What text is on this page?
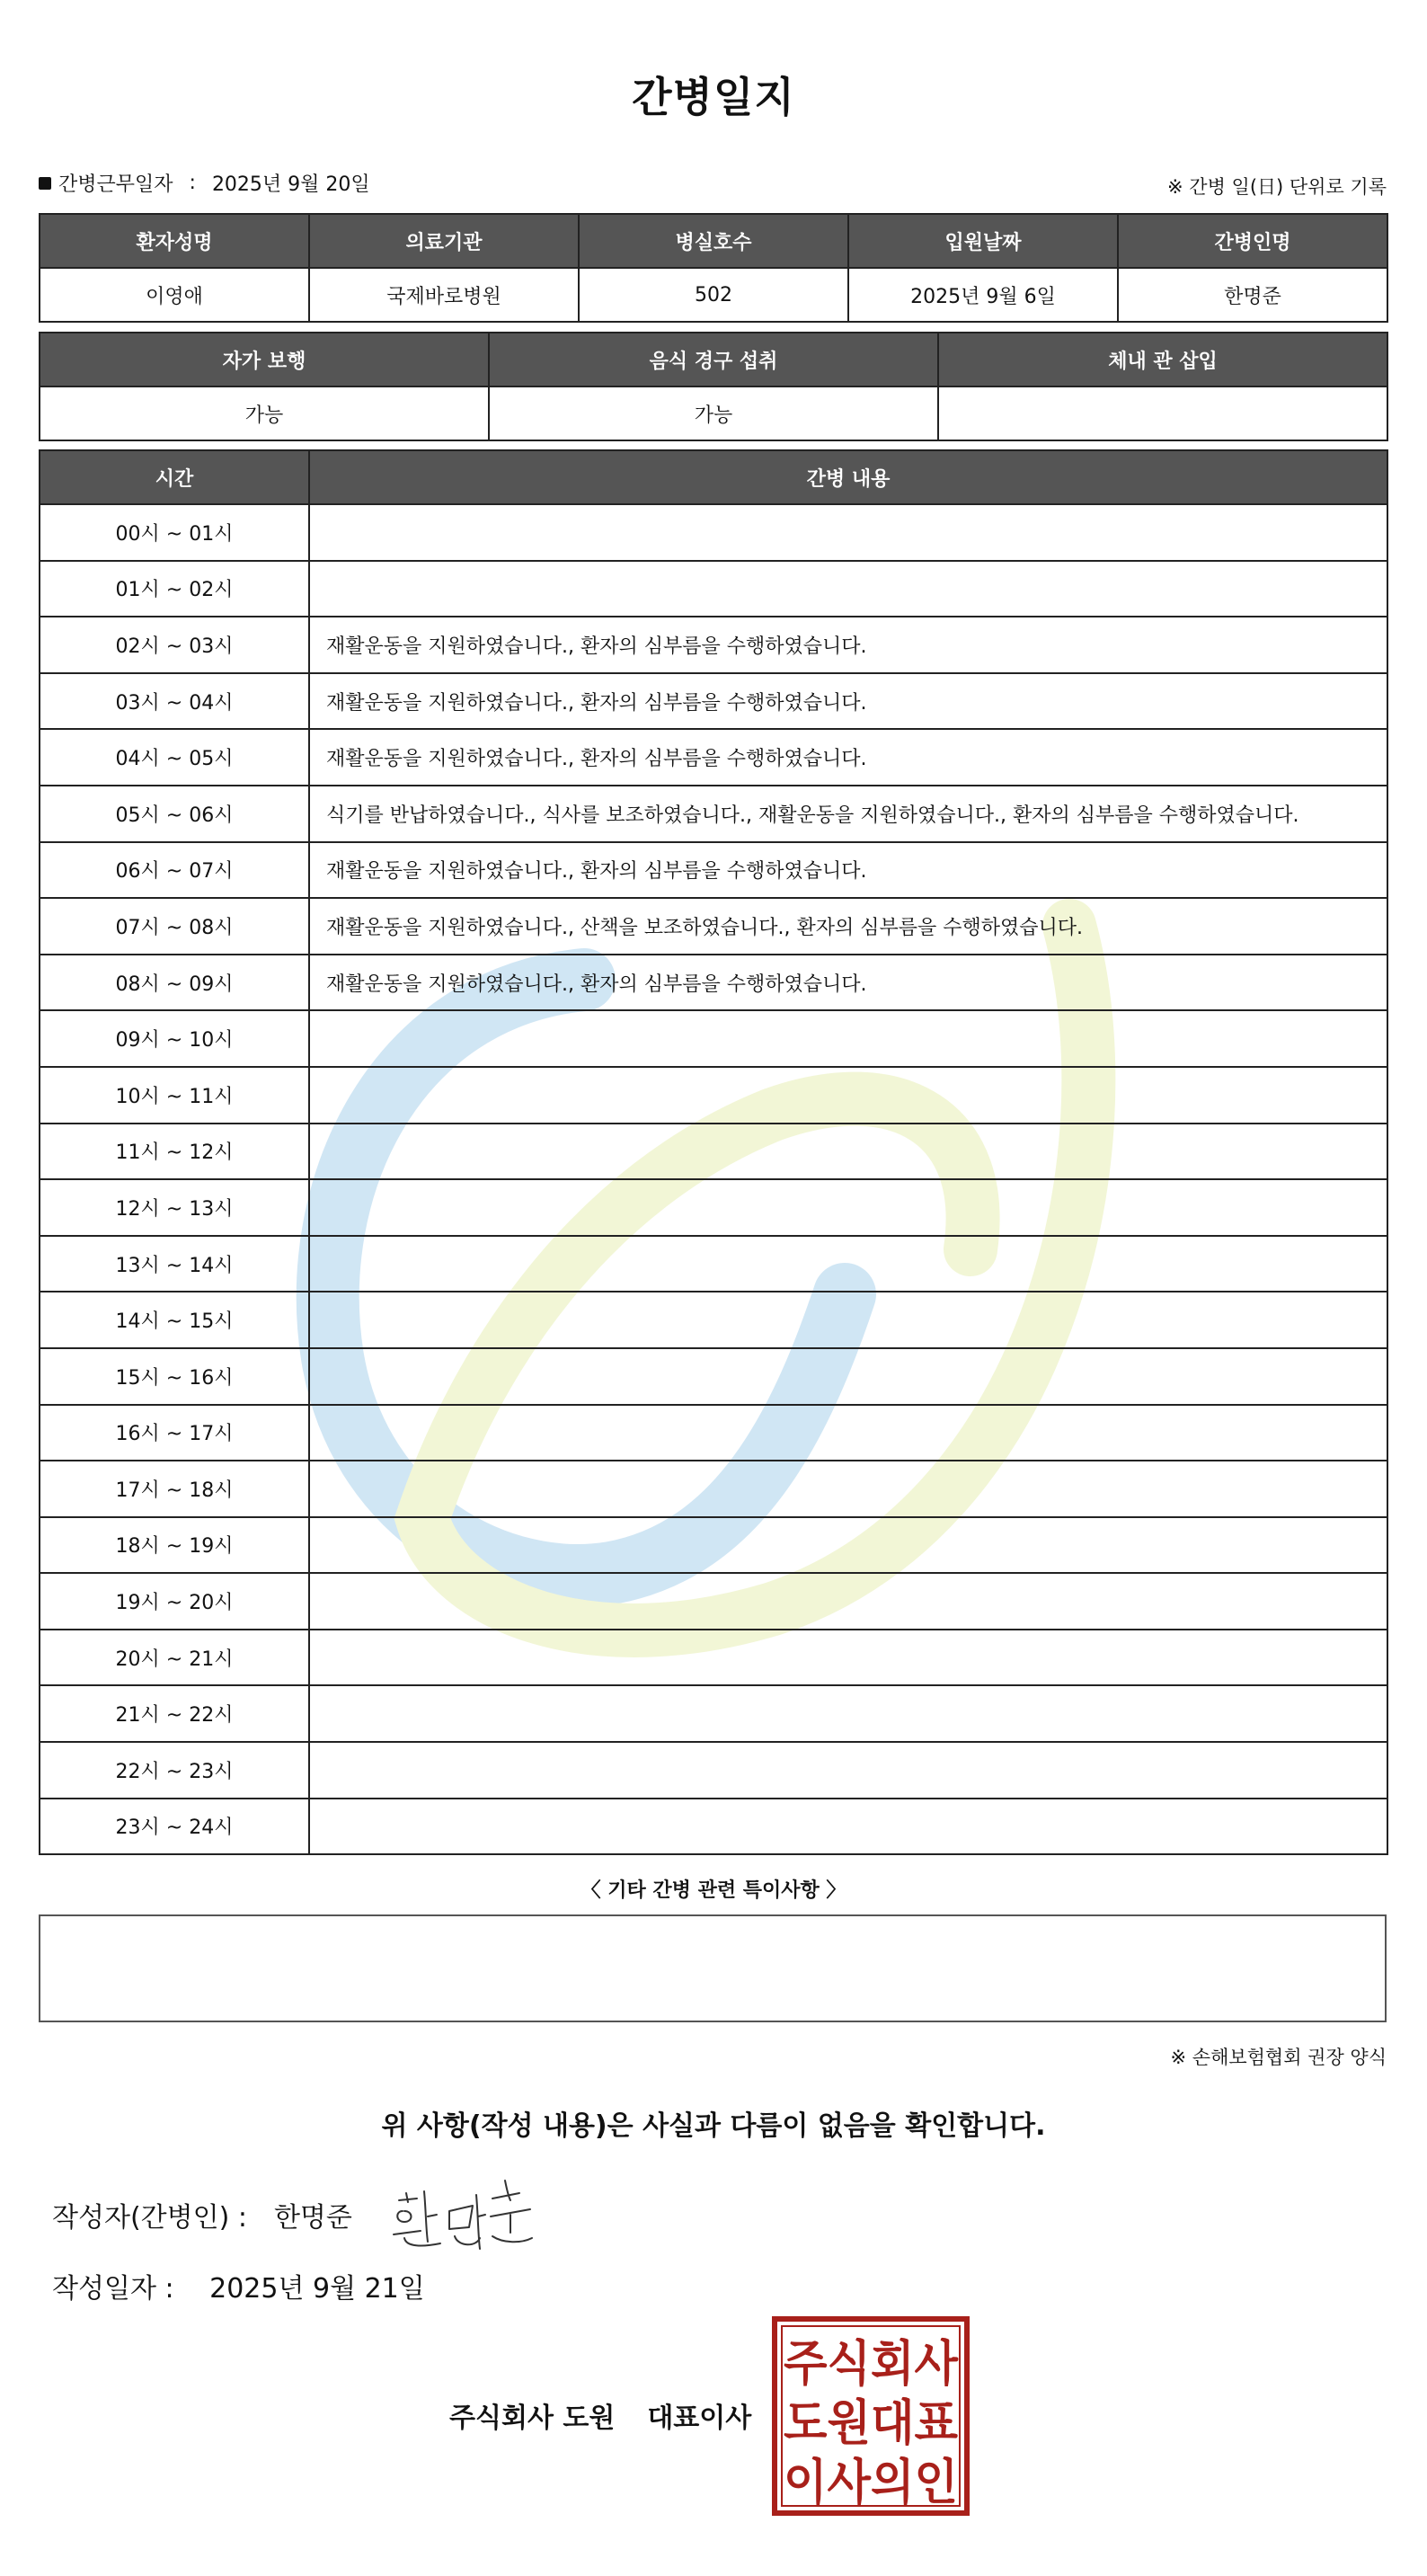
간병일지
간병근무일자 : 2025년 9월 20일	※ 간병 일(日) 단위로 기록
환자성명	의료기관	병실호수	입원날짜	간병인명
이영애	국제바로병원	502	2025년 9월 6일	한명준
자가 보행	음식 경구 섭취	체내 관 삽입
가능	가능	
시간	간병 내용
00시 ~ 01시	
01시 ~ 02시	
02시 ~ 03시	재활운동을 지원하였습니다., 환자의 심부름을 수행하였습니다.
03시 ~ 04시	재활운동을 지원하였습니다., 환자의 심부름을 수행하였습니다.
04시 ~ 05시	재활운동을 지원하였습니다., 환자의 심부름을 수행하였습니다.
05시 ~ 06시	식기를 반납하였습니다., 식사를 보조하였습니다., 재활운동을 지원하였습니다., 환자의 심부름을 수행하였습니다.
06시 ~ 07시	재활운동을 지원하였습니다., 환자의 심부름을 수행하였습니다.
07시 ~ 08시	재활운동을 지원하였습니다., 산책을 보조하였습니다., 환자의 심부름을 수행하였습니다.
08시 ~ 09시	재활운동을 지원하였습니다., 환자의 심부름을 수행하였습니다.
09시 ~ 10시	
10시 ~ 11시	
11시 ~ 12시	
12시 ~ 13시	
13시 ~ 14시	
14시 ~ 15시	
15시 ~ 16시	
16시 ~ 17시	
17시 ~ 18시	
18시 ~ 19시	
19시 ~ 20시	
20시 ~ 21시	
21시 ~ 22시	
22시 ~ 23시	
23시 ~ 24시	
〈 기타 간병 관련 특이사항 〉
※ 손해보험협회 권장 양식
위 사항(작성 내용)은 사실과 다름이 없음을 확인합니다.
작성자(간병인) : 한명준
작성일자 : 2025년 9월 21일
주식회사 도원 대표이사
주식회사
도원대표
이사의인
